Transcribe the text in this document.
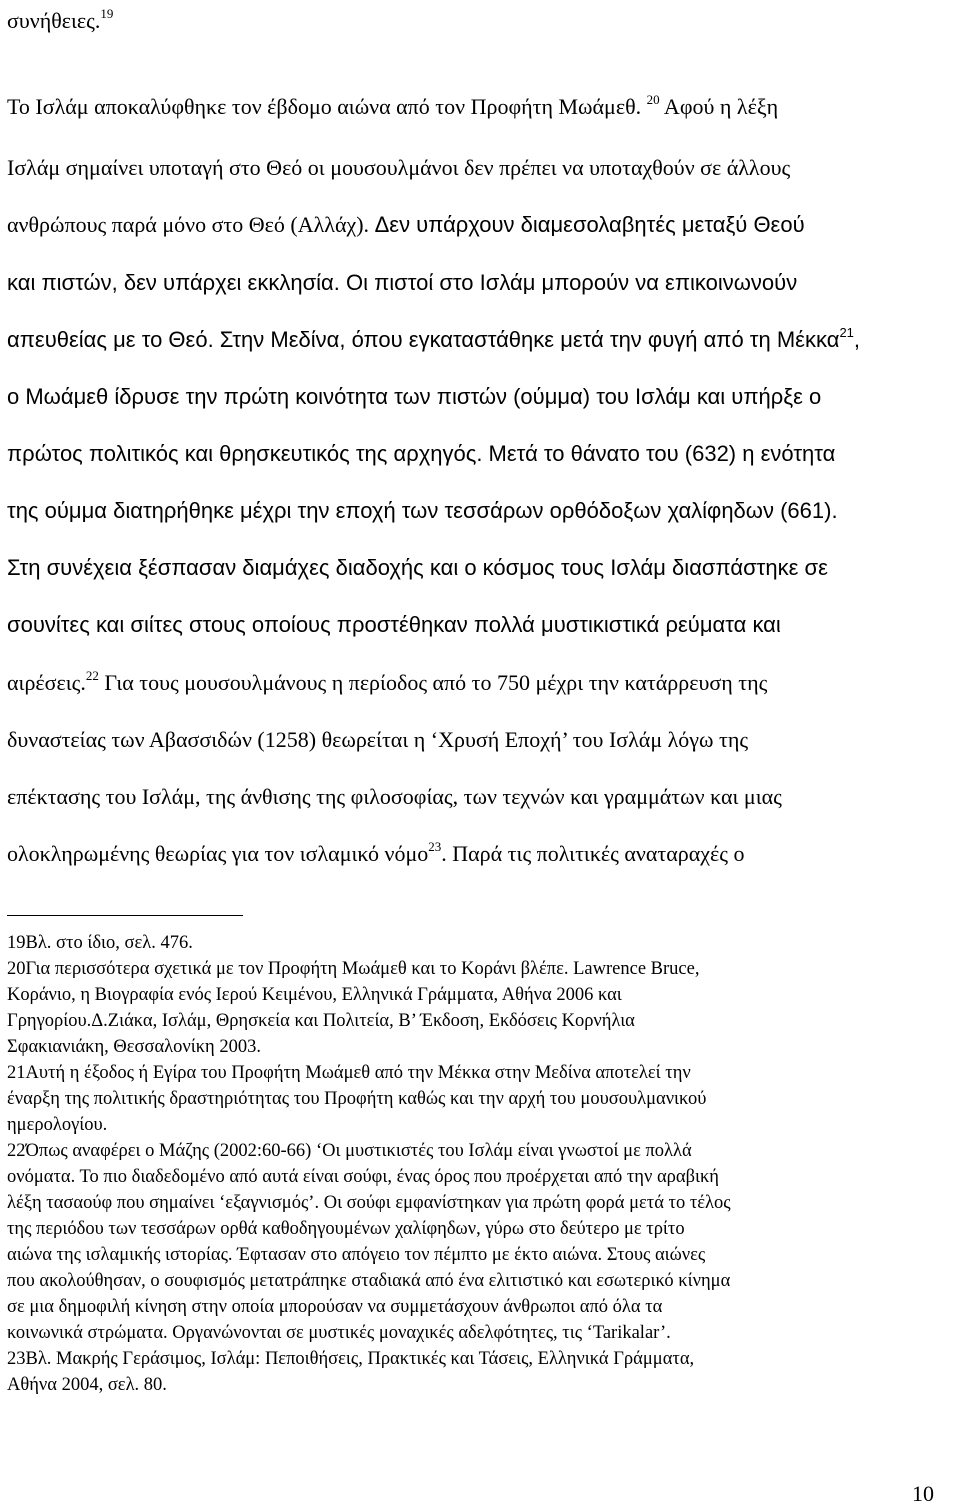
συνήθειες.$^{19}$
Το Ισλάμ αποκαλύφθηκε τον έβδομο αιώνα από τον Προφήτη Μωάμεθ. $^{20}$ Αφού η λέξη
Ισλάμ σημαίνει υποταγή στο Θεό οι μουσουλμάνοι δεν πρέπει να υποταχθούν σε άλλους
ανθρώπους παρά μόνο στο Θεό (Αλλάχ). Δεν υπάρχουν διαμεσολαβητές μεταξύ Θεού
και πιστών, δεν υπάρχει εκκλησία. Οι πιστοί στο Ισλάμ μπορούν να επικοινωνούν
απευθείας με το Θεό. Στην Μεδίνα, όπου εγκαταστάθηκε μετά την φυγή από τη Μέκκα$^{21}$,
ο Μωάμεθ ίδρυσε την πρώτη κοινότητα των πιστών (ούμμα) του Ισλάμ και υπήρξε ο
πρώτος πολιτικός και θρησκευτικός της αρχηγός. Μετά το θάνατο του (632) η ενότητα
της ούμμα διατηρήθηκε μέχρι την εποχή των τεσσάρων ορθόδοξων χαλίφηδων (661).
Στη συνέχεια ξέσπασαν διαμάχες διαδοχής και ο κόσμος τους Ισλάμ διασπάστηκε σε
σουνίτες και σιίτες στους οποίους προστέθηκαν πολλά μυστικιστικά ρεύματα και
αιρέσεις.$^{22}$ Για τους μουσουλμάνους η περίοδος από το 750 μέχρι την κατάρρευση της
δυναστείας των Αβασσιδών (1258) θεωρείται η ‘Χρυσή Εποχή’ του Ισλάμ λόγω της
επέκτασης του Ισλάμ, της άνθισης της φιλοσοφίας, των τεχνών και γραμμάτων και μιας
ολοκληρωμένης θεωρίας για τον ισλαμικό νόμο$^{23}$. Παρά τις πολιτικές αναταραχές ο
19Βλ. στο ίδιο, σελ. 476.
20Για περισσότερα σχετικά με τον Προφήτη Μωάμεθ και το Κοράνι βλέπε. Lawrence Bruce,
Κοράνιο, η Βιογραφία ενός Ιερού Κειμένου, Ελληνικά Γράμματα, Αθήνα 2006 και
Γρηγορίου.Δ.Ζιάκα, Ισλάμ, Θρησκεία και Πολιτεία, Β’ Έκδοση, Εκδόσεις Κορνήλια
Σφακιανιάκη, Θεσσαλονίκη 2003.
21Αυτή η έξοδος ή Εγίρα του Προφήτη Μωάμεθ από την Μέκκα στην Μεδίνα αποτελεί την
έναρξη της πολιτικής δραστηριότητας του Προφήτη καθώς και την αρχή του μουσουλμανικού
ημερολογίου.
22Όπως αναφέρει ο Μάζης (2002:60-66) ‘Οι μυστικιστές του Ισλάμ είναι γνωστοί με πολλά
ονόματα. Το πιο διαδεδομένο από αυτά είναι σούφι, ένας όρος που προέρχεται από την αραβική
λέξη τασαούφ που σημαίνει ‘εξαγνισμός’. Οι σούφι εμφανίστηκαν για πρώτη φορά μετά το τέλος
της περιόδου των τεσσάρων ορθά καθοδηγουμένων χαλίφηδων, γύρω στο δεύτερο με τρίτο
αιώνα της ισλαμικής ιστορίας. Έφτασαν στο απόγειο τον πέμπτο με έκτο αιώνα. Στους αιώνες
που ακολούθησαν, ο σουφισμός μετατράπηκε σταδιακά από ένα ελιτιστικό και εσωτερικό κίνημα
σε μια δημοφιλή κίνηση στην οποία μπορούσαν να συμμετάσχουν άνθρωποι από όλα τα
κοινωνικά στρώματα. Οργανώνονται σε μυστικές μοναχικές αδελφότητες, τις ‘Tarikalar’.
23Βλ. Μακρής Γεράσιμος, Ισλάμ: Πεποιθήσεις, Πρακτικές και Τάσεις, Ελληνικά Γράμματα,
Αθήνα 2004, σελ. 80.
10
